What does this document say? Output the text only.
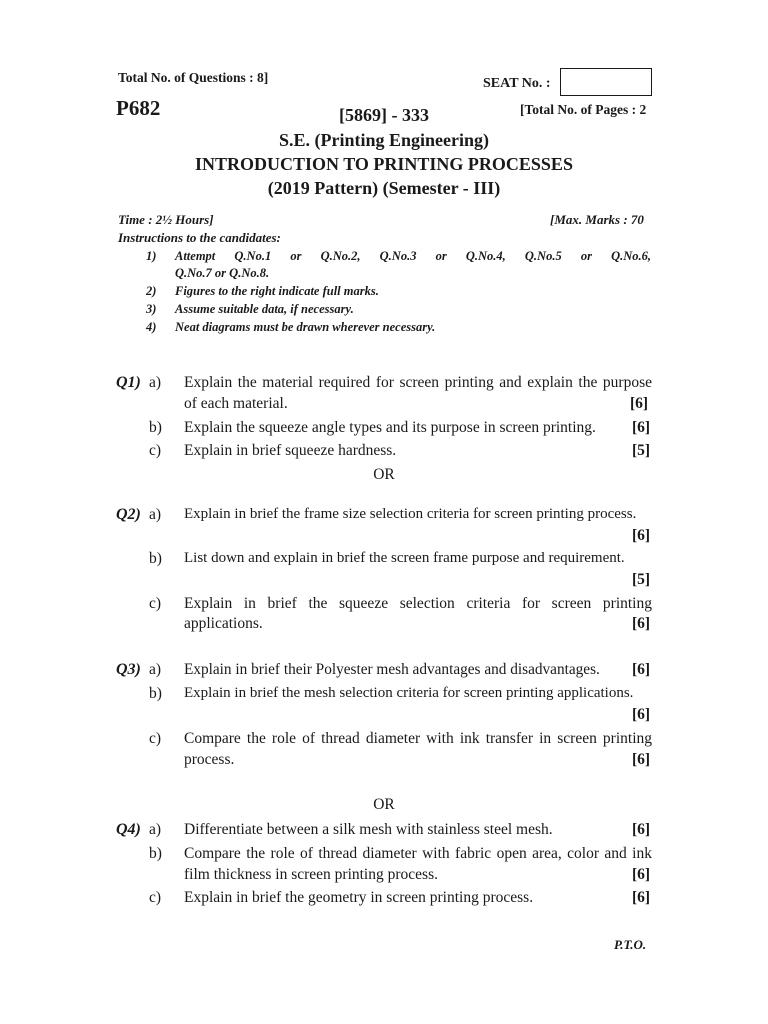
Total No. of Questions : 8]	SEAT No. :
P682	[Total No. of Pages : 2
[5869] - 333
S.E. (Printing Engineering)
INTRODUCTION TO PRINTING PROCESSES
(2019 Pattern) (Semester - III)
Time : 2½ Hours]	[Max. Marks : 70
Instructions to the candidates:
1) Attempt Q.No.1 or Q.No.2, Q.No.3 or Q.No.4, Q.No.5 or Q.No.6,
Q.No.7 or Q.No.8.
2) Figures to the right indicate full marks.
3) Assume suitable data, if necessary.
4) Neat diagrams must be drawn wherever necessary.
Q1) a) Explain the material required for screen printing and explain the purpose
of each material.	[6]
b) Explain the squeeze angle types and its purpose in screen printing. [6]
c) Explain in brief squeeze hardness.	[5]
OR
Q2) a) Explain in brief the frame size selection criteria for screen printing process.
[6]
b) List down and explain in brief the screen frame purpose and requirement.
[5]
c) Explain in brief the squeeze selection criteria for screen printing
applications.	[6]
Q3) a) Explain in brief their Polyester mesh advantages and disadvantages. [6]
b) Explain in brief the mesh selection criteria for screen printing applications.
[6]
c) Compare the role of thread diameter with ink transfer in screen printing
process.	[6]
OR
Q4) a) Differentiate between a silk mesh with stainless steel mesh.	[6]
b) Compare the role of thread diameter with fabric open area, color and ink
film thickness in screen printing process.	[6]
c) Explain in brief the geometry in screen printing process.	[6]
P.T.O.
